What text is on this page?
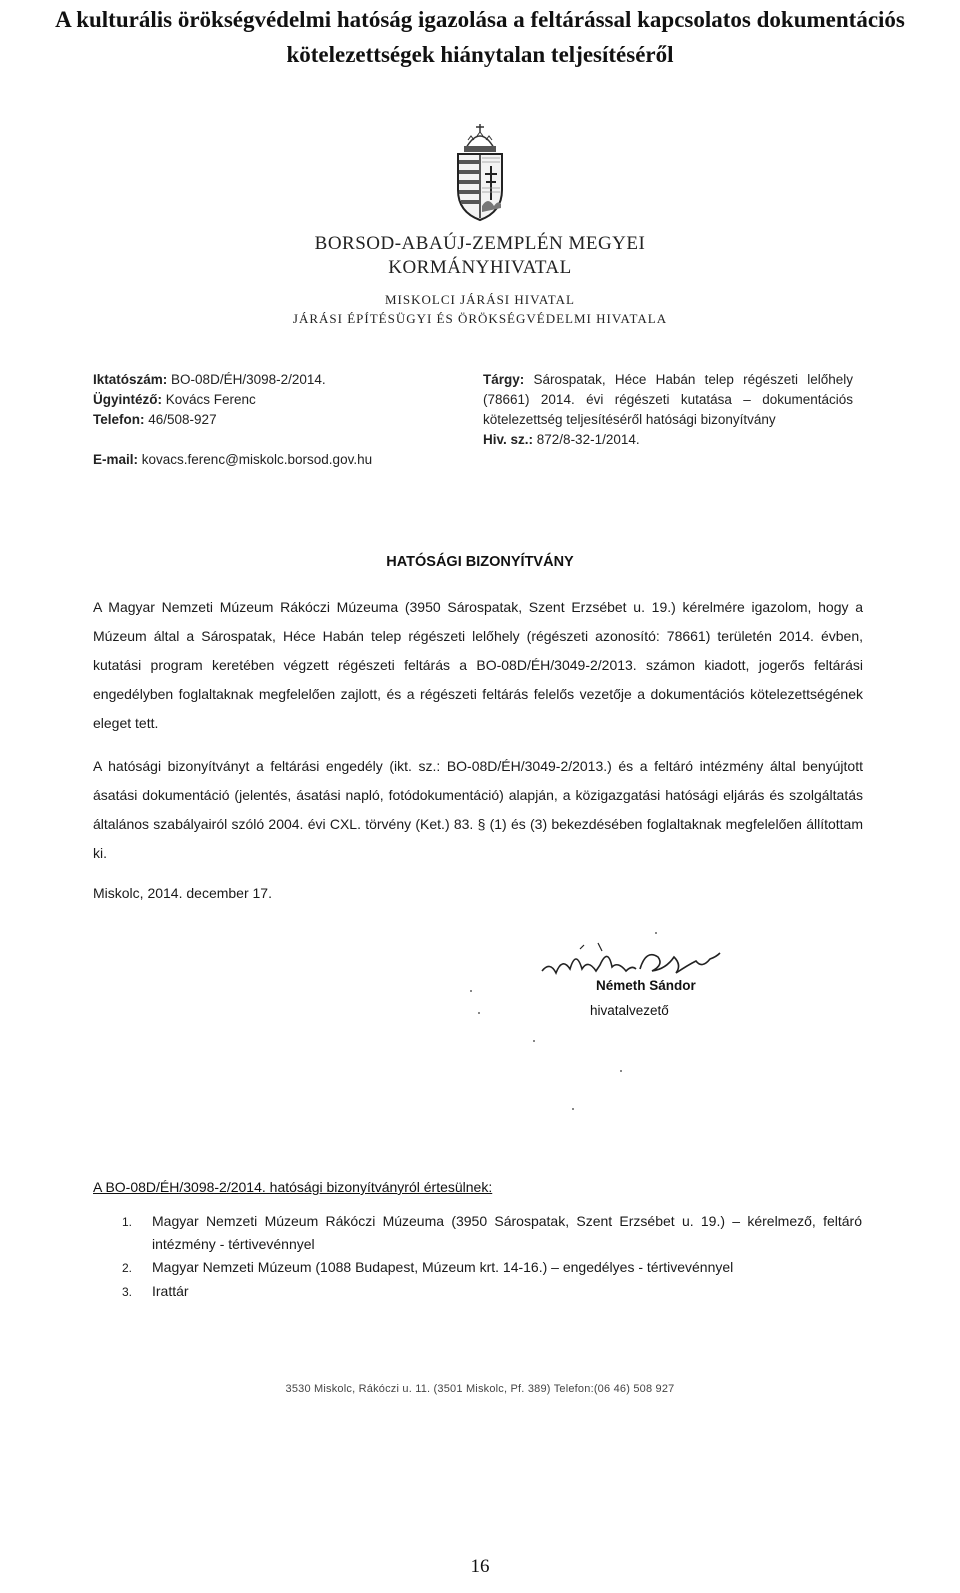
A kulturális örökségvédelmi hatóság igazolása a feltárással kapcsolatos dokumentációs
kötelezettségek hiánytalan teljesítéséről
BORSOD-ABAÚJ-ZEMPLÉN MEGYEI
KORMÁNYHIVATAL
MISKOLCI JÁRÁSI HIVATAL
JÁRÁSI ÉPÍTÉSÜGYI ÉS ÖRÖKSÉGVÉDELMI HIVATALA
Iktatószám: BO-08D/ÉH/3098-2/2014.
Ügyintéző: Kovács Ferenc
Telefon: 46/508-927
E-mail: kovacs.ferenc@miskolc.borsod.gov.hu
Tárgy: Sárospatak, Héce Habán telep régészeti lelőhely (78661) 2014. évi régészeti kutatása – dokumentációs kötelezettség teljesítéséről hatósági bizonyítvány
Hiv. sz.: 872/8-32-1/2014.
HATÓSÁGI BIZONYÍTVÁNY
A Magyar Nemzeti Múzeum Rákóczi Múzeuma (3950 Sárospatak, Szent Erzsébet u. 19.) kérelmére igazolom, hogy a Múzeum által a Sárospatak, Héce Habán telep régészeti lelőhely (régészeti azonosító: 78661) területén 2014. évben, kutatási program keretében végzett régészeti feltárás a BO-08D/ÉH/3049-2/2013. számon kiadott, jogerős feltárási engedélyben foglaltaknak megfelelően zajlott, és a régészeti feltárás felelős vezetője a dokumentációs kötelezettségének eleget tett.
A hatósági bizonyítványt a feltárási engedély (ikt. sz.: BO-08D/ÉH/3049-2/2013.) és a feltáró intézmény által benyújtott ásatási dokumentáció (jelentés, ásatási napló, fotódokumentáció) alapján, a közigazgatási hatósági eljárás és szolgáltatás általános szabályairól szóló 2004. évi CXL. törvény (Ket.) 83. § (1) és (3) bekezdésében foglaltaknak megfelelően állítottam ki.
Miskolc, 2014. december 17.
Németh Sándor
hivatalvezető
A BO-08D/ÉH/3098-2/2014. hatósági bizonyítványról értesülnek:
1.	Magyar Nemzeti Múzeum Rákóczi Múzeuma (3950 Sárospatak, Szent Erzsébet u. 19.) – kérelmező, feltáró intézmény - tértivevénnyel
2.	Magyar Nemzeti Múzeum (1088 Budapest, Múzeum krt. 14-16.) – engedélyes - tértivevénnyel
3.	Irattár
3530 Miskolc, Rákóczi u. 11. (3501 Miskolc, Pf. 389) Telefon:(06 46) 508 927
16
